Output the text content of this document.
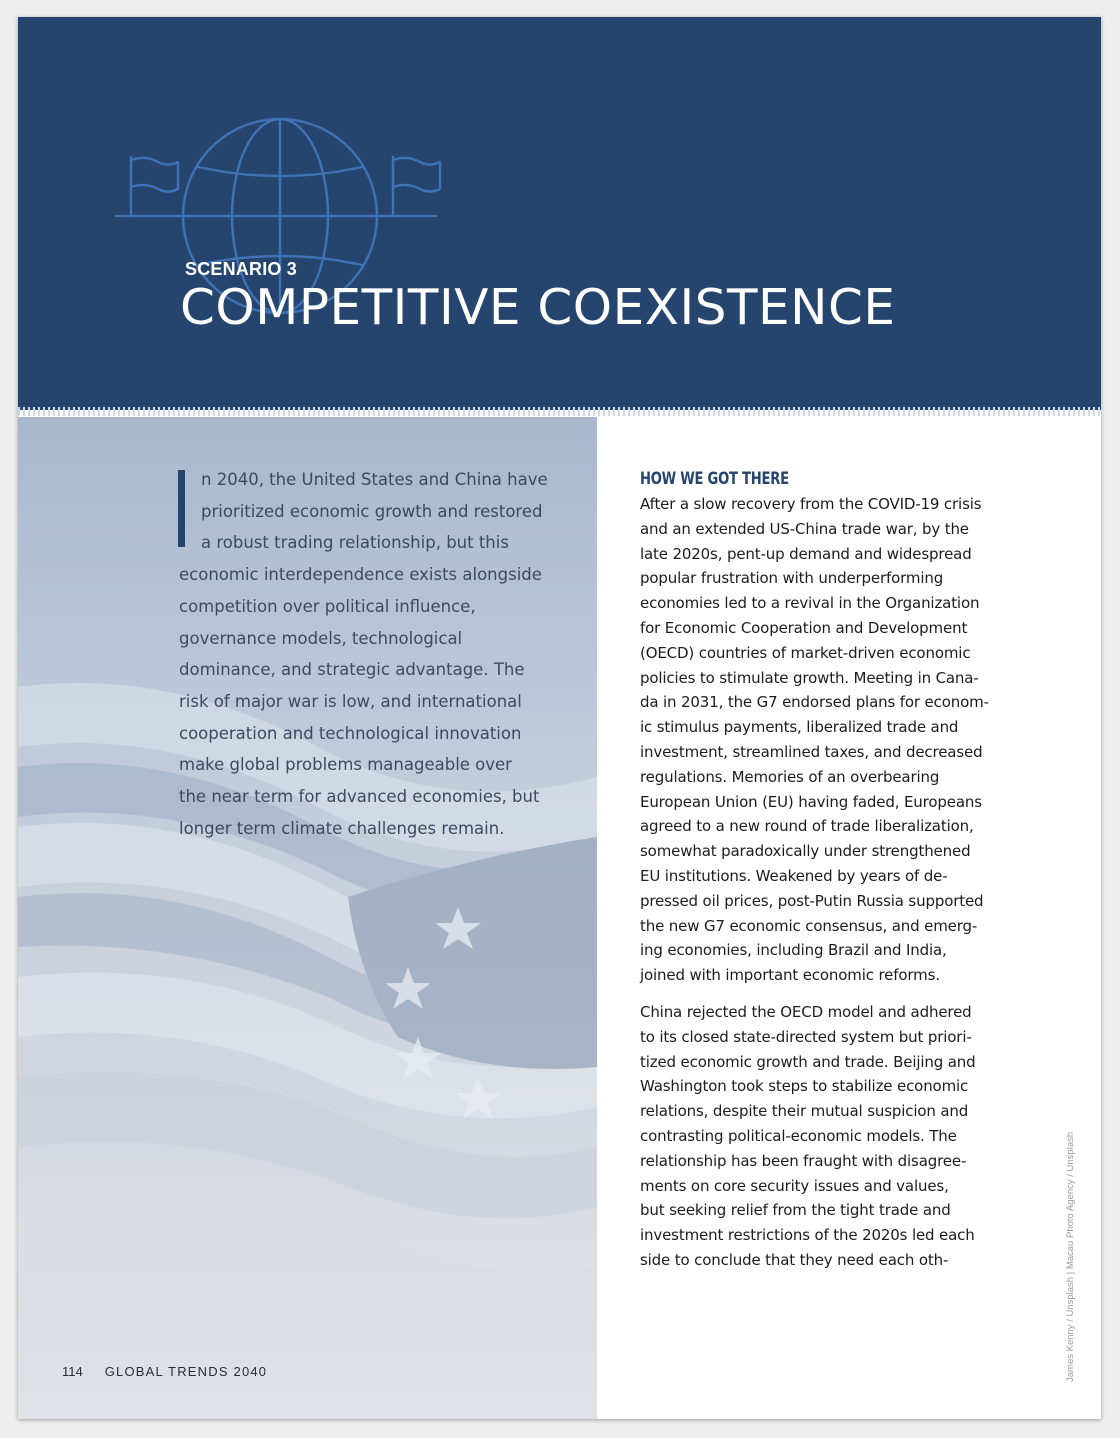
SCENARIO 3
COMPETITIVE COEXISTENCE
n 2040, the United States and China have
prioritized economic growth and restored
a robust trading relationship, but this
economic interdependence exists alongside
competition over political influence,
governance models, technological
dominance, and strategic advantage. The
risk of major war is low, and international
cooperation and technological innovation
make global problems manageable over
the near term for advanced economies, but
longer term climate challenges remain.
HOW WE GOT THERE
After a slow recovery from the COVID-19 crisis
and an extended US-China trade war, by the
late 2020s, pent-up demand and widespread
popular frustration with underperforming
economies led to a revival in the Organization
for Economic Cooperation and Development
(OECD) countries of market-driven economic
policies to stimulate growth. Meeting in Cana-
da in 2031, the G7 endorsed plans for econom-
ic stimulus payments, liberalized trade and
investment, streamlined taxes, and decreased
regulations. Memories of an overbearing
European Union (EU) having faded, Europeans
agreed to a new round of trade liberalization,
somewhat paradoxically under strengthened
EU institutions. Weakened by years of de-
pressed oil prices, post-Putin Russia supported
the new G7 economic consensus, and emerg-
ing economies, including Brazil and India,
joined with important economic reforms.
China rejected the OECD model and adhered
to its closed state-directed system but priori-
tized economic growth and trade. Beijing and
Washington took steps to stabilize economic
relations, despite their mutual suspicion and
contrasting political-economic models. The
relationship has been fraught with disagree-
ments on core security issues and values,
but seeking relief from the tight trade and
investment restrictions of the 2020s led each
side to conclude that they need each oth-
114 GLOBAL TRENDS 2040	James Kenny / Unsplash | Macau Photo Agency / Unsplash
